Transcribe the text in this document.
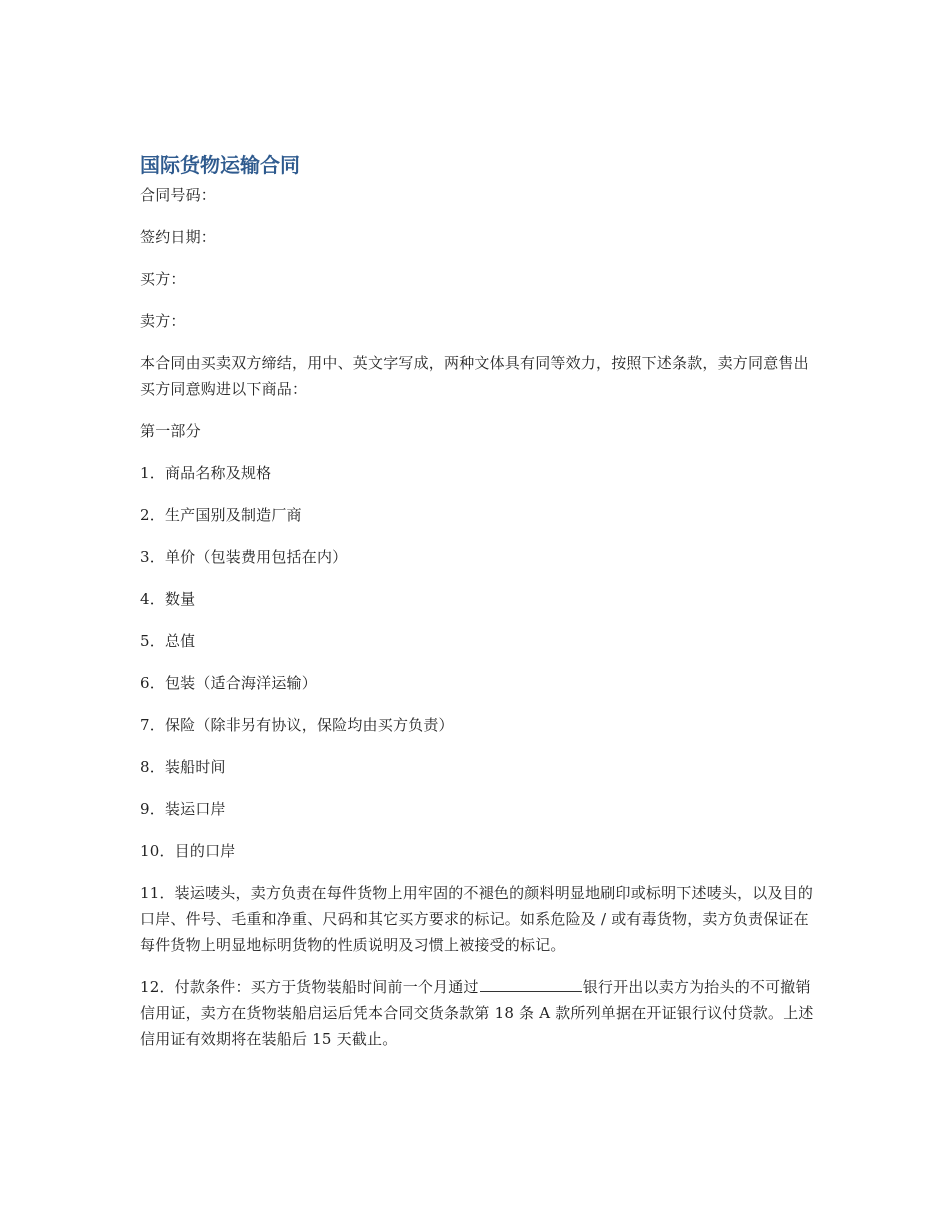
国际货物运输合同
合同号码：
签约日期：
买方：
卖方：
本合同由买卖双方缔结，用中、英文字写成，两种文体具有同等效力，按照下述条款，卖方同意售出买方同意购进以下商品：
第一部分
1．商品名称及规格
2．生产国别及制造厂商
3．单价（包装费用包括在内）
4．数量
5．总值
6．包装（适合海洋运输）
7．保险（除非另有协议，保险均由买方负责）
8．装船时间
9．装运口岸
10．目的口岸
11．装运唛头，卖方负责在每件货物上用牢固的不褪色的颜料明显地刷印或标明下述唛头，以及目的口岸、件号、毛重和净重、尺码和其它买方要求的标记。如系危险及 / 或有毒货物，卖方负责保证在每件货物上明显地标明货物的性质说明及习惯上被接受的标记。
12．付款条件：买方于货物装船时间前一个月通过	银行开出以卖方为抬头的不可撤销信用证，卖方在货物装船启运后凭本合同交货条款第 18 条 A 款所列单据在开证银行议付贷款。上述信用证有效期将在装船后 15 天截止。
